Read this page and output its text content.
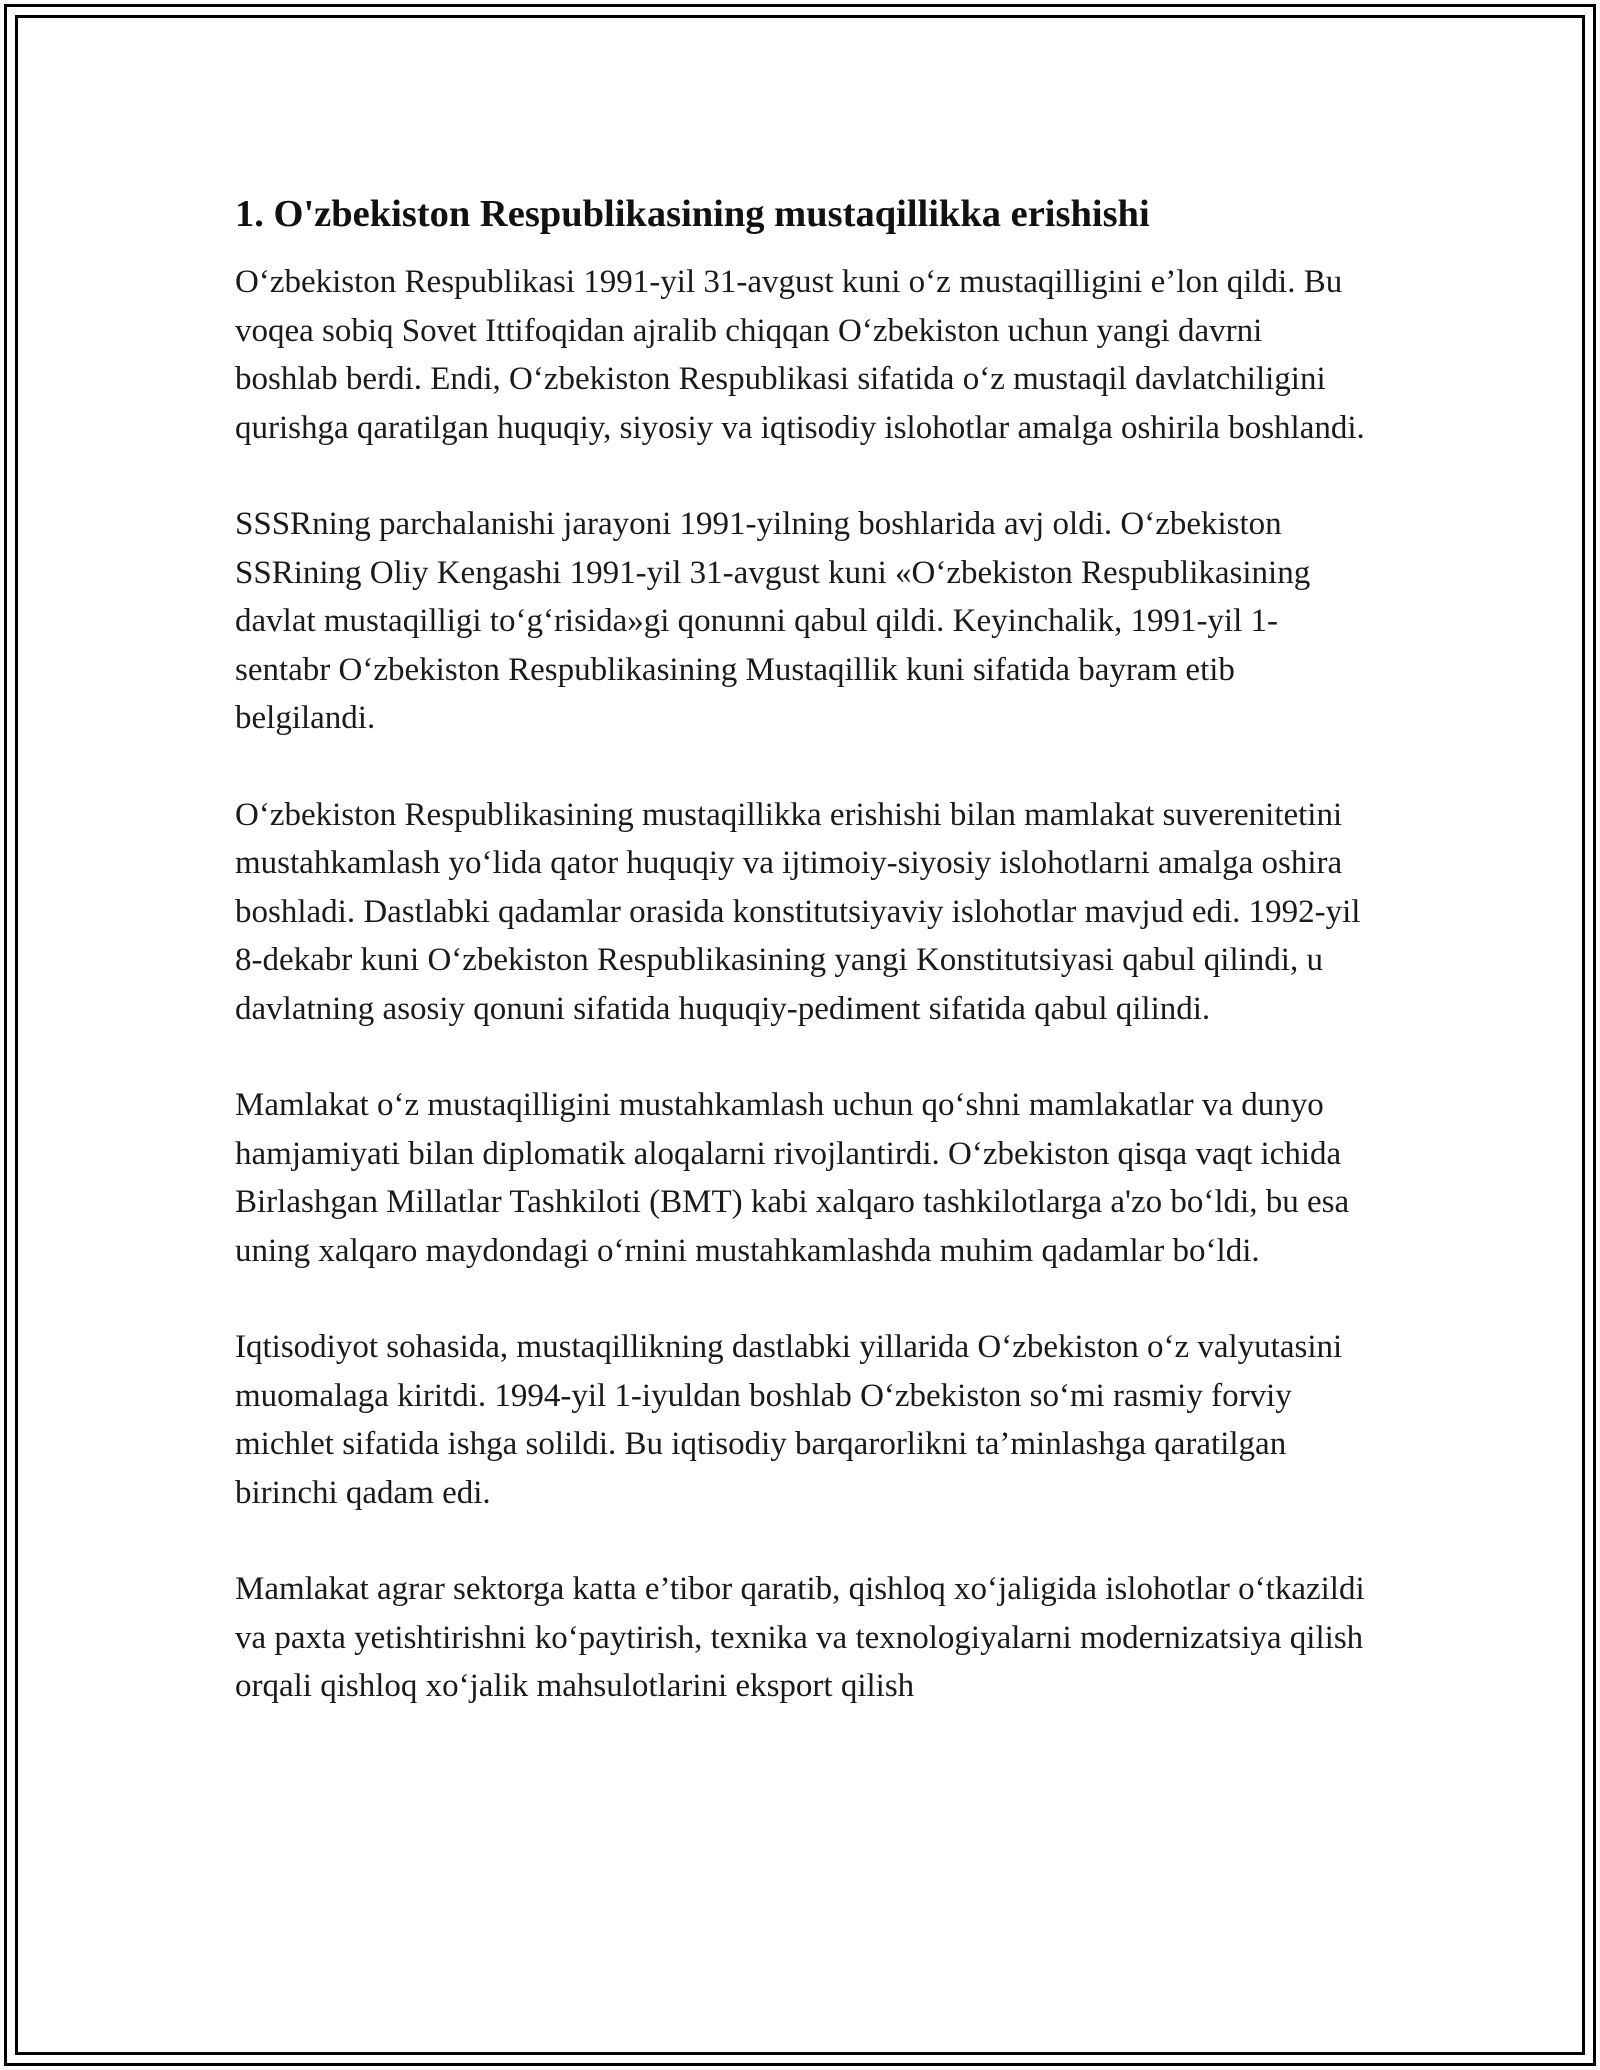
1. O'zbekiston Respublikasining mustaqillikka erishishi

O‘zbekiston Respublikasi 1991-yil 31-avgust kuni o‘z mustaqilligini e’lon qildi. Bu voqea sobiq Sovet Ittifoqidan ajralib chiqqan O‘zbekiston uchun yangi davrni boshlab berdi. Endi, O‘zbekiston Respublikasi sifatida o‘z mustaqil davlatchiligini qurishga qaratilgan huquqiy, siyosiy va iqtisodiy islohotlar amalga oshirila boshlandi.

SSSRning parchalanishi jarayoni 1991-yilning boshlarida avj oldi. O‘zbekiston SSRining Oliy Kengashi 1991-yil 31-avgust kuni «O‘zbekiston Respublikasining davlat mustaqilligi to‘g‘risida»gi qonunni qabul qildi. Keyinchalik, 1991-yil 1-sentabr O‘zbekiston Respublikasining Mustaqillik kuni sifatida bayram etib belgilandi.

O‘zbekiston Respublikasining mustaqillikka erishishi bilan mamlakat suverenitetini mustahkamlash yo‘lida qator huquqiy va ijtimoiy-siyosiy islohotlarni amalga oshira boshladi. Dastlabki qadamlar orasida konstitutsiyaviy islohotlar mavjud edi. 1992-yil 8-dekabr kuni O‘zbekiston Respublikasining yangi Konstitutsiyasi qabul qilindi, u davlatning asosiy qonuni sifatida huquqiy-pediment sifatida qabul qilindi.

Mamlakat o‘z mustaqilligini mustahkamlash uchun qo‘shni mamlakatlar va dunyo hamjamiyati bilan diplomatik aloqalarni rivojlantirdi. O‘zbekiston qisqa vaqt ichida Birlashgan Millatlar Tashkiloti (BMT) kabi xalqaro tashkilotlarga a'zo bo‘ldi, bu esa uning xalqaro maydondagi o‘rnini mustahkamlashda muhim qadamlar bo‘ldi.

Iqtisodiyot sohasida, mustaqillikning dastlabki yillarida O‘zbekiston o‘z valyutasini muomalaga kiritdi. 1994-yil 1-iyuldan boshlab O‘zbekiston so‘mi rasmiy forviy michlet sifatida ishga solildi. Bu iqtisodiy barqarorlikni ta’minlashga qaratilgan birinchi qadam edi.

Mamlakat agrar sektorga katta e’tibor qaratib, qishloq xo‘jaligida islohotlar o‘tkazildi va paxta yetishtirishni ko‘paytirish, texnika va texnologiyalarni modernizatsiya qilish orqali qishloq xo‘jalik mahsulotlarini eksport qilish
